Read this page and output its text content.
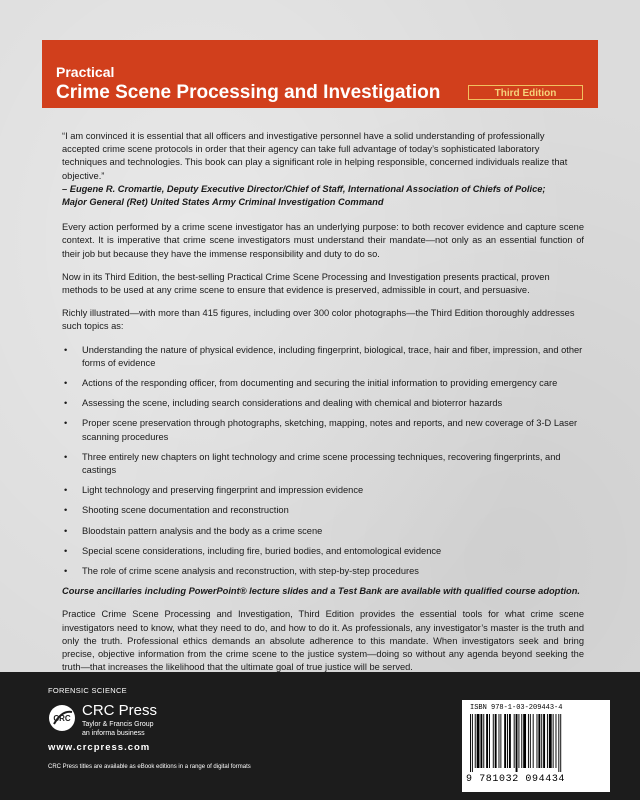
Practical
Crime Scene Processing and Investigation	Third Edition

“I am convinced it is essential that all officers and investigative personnel have a solid understanding of professionally accepted crime scene protocols in order that their agency can take full advantage of today’s sophisticated laboratory techniques and technologies. This book can play a significant role in helping responsible, concerned individuals realize that objective.”
– Eugene R. Cromartie, Deputy Executive Director/Chief of Staff, International Association of Chiefs of Police;
Major General (Ret) United States Army Criminal Investigation Command

Every action performed by a crime scene investigator has an underlying purpose: to both recover evidence and capture scene context. It is imperative that crime scene investigators must understand their mandate—not only as an essential function of their job but because they have the immense responsibility and duty to do so.

Now in its Third Edition, the best-selling Practical Crime Scene Processing and Investigation presents practical, proven methods to be used at any crime scene to ensure that evidence is preserved, admissible in court, and persuasive.

Richly illustrated—with more than 415 figures, including over 300 color photographs—the Third Edition thoroughly addresses such topics as:

• Understanding the nature of physical evidence, including fingerprint, biological, trace, hair and fiber, impression, and other forms of evidence
• Actions of the responding officer, from documenting and securing the initial information to providing emergency care
• Assessing the scene, including search considerations and dealing with chemical and bioterror hazards
• Proper scene preservation through photographs, sketching, mapping, notes and reports, and new coverage of 3-D Laser scanning procedures
• Three entirely new chapters on light technology and crime scene processing techniques, recovering fingerprints, and castings
• Light technology and preserving fingerprint and impression evidence
• Shooting scene documentation and reconstruction
• Bloodstain pattern analysis and the body as a crime scene
• Special scene considerations, including fire, buried bodies, and entomological evidence
• The role of crime scene analysis and reconstruction, with step-by-step procedures

Course ancillaries including PowerPoint® lecture slides and a Test Bank are available with qualified course adoption.

Practice Crime Scene Processing and Investigation, Third Edition provides the essential tools for what crime scene investigators need to know, what they need to do, and how to do it. As professionals, any investigator’s master is the truth and only the truth. Professional ethics demands an absolute adherence to this mandate. When investigators seek and bring precise, objective information from the crime scene to the justice system—doing so without any agenda beyond seeking the truth—that increases the likelihood that the ultimate goal of true justice will be served.

FORENSIC SCIENCE
CRC CRC Press
Taylor & Francis Group
an informa business
www.crcpress.com
CRC Press titles are available as eBook editions in a range of digital formats
ISBN 978-1-03-209443-4
9 781032 094434
